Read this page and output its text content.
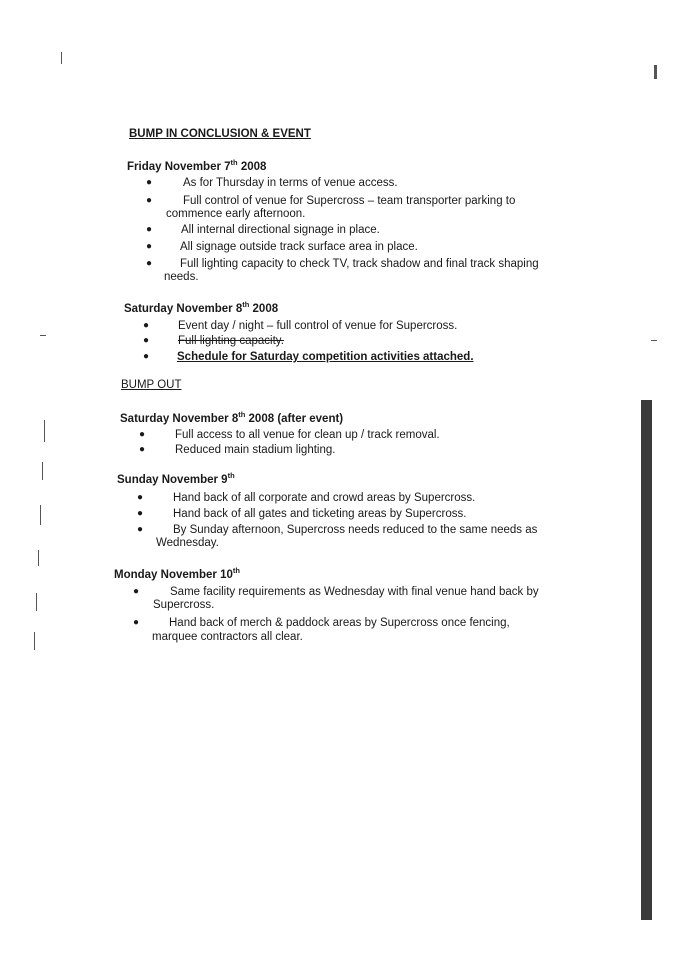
BUMP IN CONCLUSION & EVENT
Friday November 7th 2008
●	As for Thursday in terms of venue access.
●	Full control of venue for Supercross – team transporter parking to
commence early afternoon.
●	All internal directional signage in place.
● All signage outside track surface area in place.
● Full lighting capacity to check TV, track shadow and final track shaping
needs.
Saturday November 8th 2008
●	Event day / night – full control of venue for Supercross.
●	Full lighting capacity.
● Schedule for Saturday competition activities attached.
BUMP OUT
Saturday November 8th 2008 (after event)
●	Full access to all venue for clean up / track removal.
●	Reduced main stadium lighting.
Sunday November 9th
●	Hand back of all corporate and crowd areas by Supercross.
●	Hand back of all gates and ticketing areas by Supercross.
●	By Sunday afternoon, Supercross needs reduced to the same needs as
Wednesday.
Monday November 10th
●	Same facility requirements as Wednesday with final venue hand back by
Supercross.
●	Hand back of merch & paddock areas by Supercross once fencing,
marquee contractors all clear.
